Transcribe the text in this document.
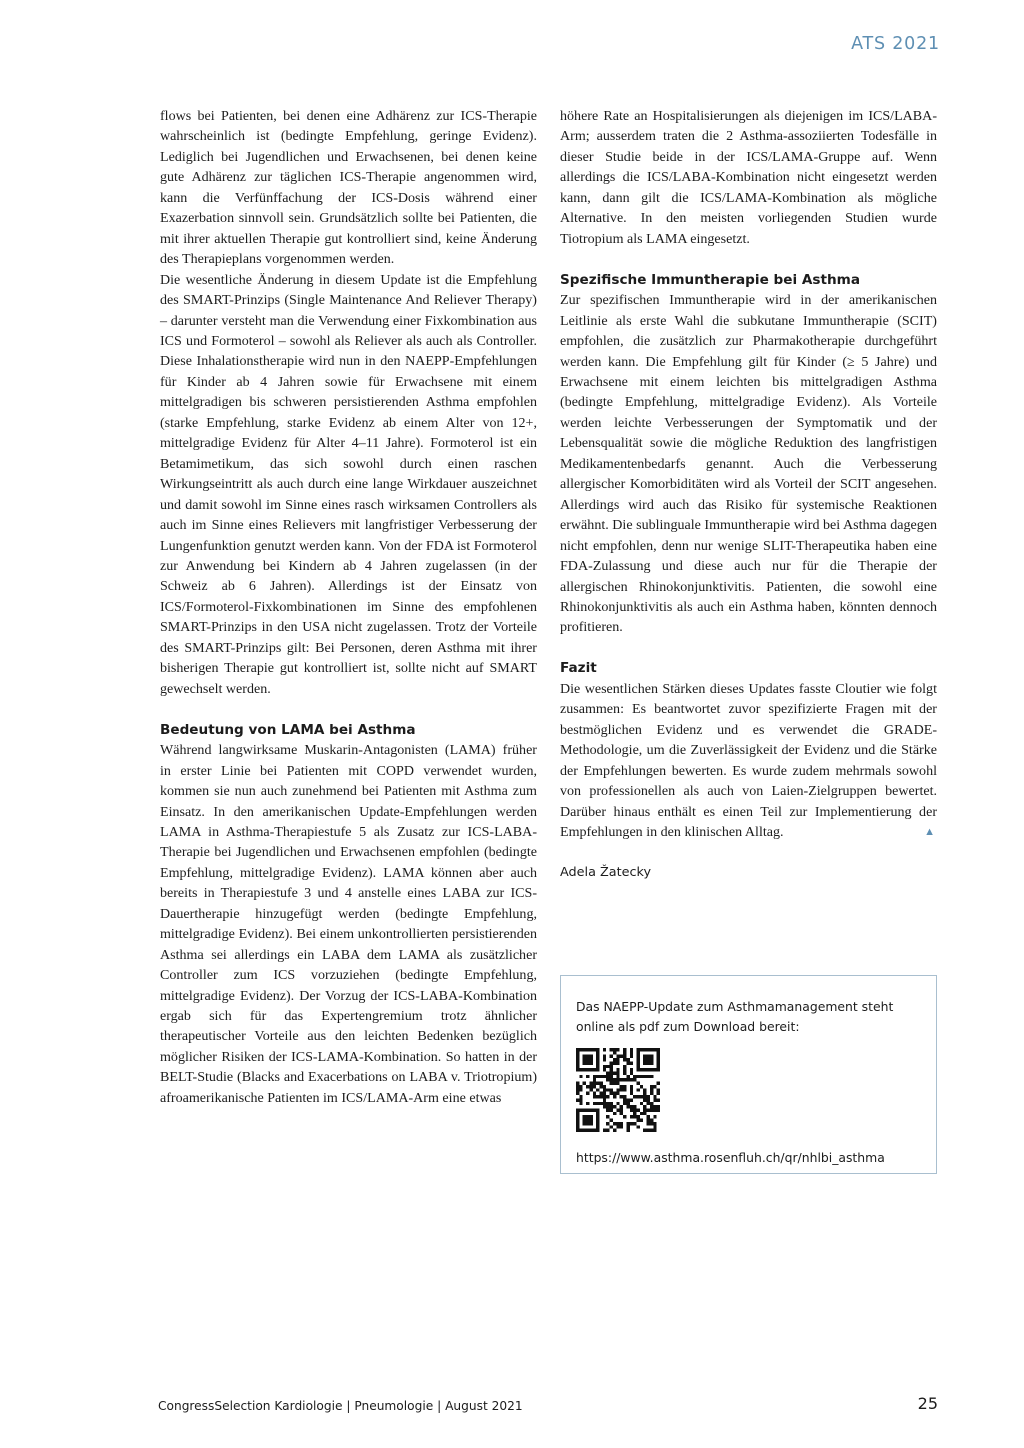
ATS 2021

flows bei Patienten, bei denen eine Adhärenz zur ICS-Therapie wahrscheinlich ist (bedingte Empfehlung, geringe Evidenz). Lediglich bei Jugendlichen und Erwachsenen, bei denen keine gute Adhärenz zur täglichen ICS-Therapie angenommen wird, kann die Verfünffachung der ICS-Dosis während einer Exazerbation sinnvoll sein. Grundsätzlich sollte bei Patienten, die mit ihrer aktuellen Therapie gut kontrolliert sind, keine Änderung des Therapieplans vorgenommen werden.

Die wesentliche Änderung in diesem Update ist die Empfehlung des SMART-Prinzips (Single Maintenance And Reliever Therapy) – darunter versteht man die Verwendung einer Fixkombination aus ICS und Formoterol – sowohl als Reliever als auch als Controller. Diese Inhalationstherapie wird nun in den NAEPP-Empfehlungen für Kinder ab 4 Jahren sowie für Erwachsene mit einem mittelgradigen bis schweren persistierenden Asthma empfohlen (starke Empfehlung, starke Evidenz ab einem Alter von 12+, mittelgradige Evidenz für Alter 4–11 Jahre). Formoterol ist ein Betamimetikum, das sich sowohl durch einen raschen Wirkungseintritt als auch durch eine lange Wirkdauer auszeichnet und damit sowohl im Sinne eines rasch wirksamen Controllers als auch im Sinne eines Relievers mit langfristiger Verbesserung der Lungenfunktion genutzt werden kann. Von der FDA ist Formoterol zur Anwendung bei Kindern ab 4 Jahren zugelassen (in der Schweiz ab 6 Jahren). Allerdings ist der Einsatz von ICS/Formoterol-Fixkombinationen im Sinne des empfohlenen SMART-Prinzips in den USA nicht zugelassen. Trotz der Vorteile des SMART-Prinzips gilt: Bei Personen, deren Asthma mit ihrer bisherigen Therapie gut kontrolliert ist, sollte nicht auf SMART gewechselt werden.

Bedeutung von LAMA bei Asthma

Während langwirksame Muskarin-Antagonisten (LAMA) früher in erster Linie bei Patienten mit COPD verwendet wurden, kommen sie nun auch zunehmend bei Patienten mit Asthma zum Einsatz. In den amerikanischen Update-Empfehlungen werden LAMA in Asthma-Therapiestufe 5 als Zusatz zur ICS-LABA-Therapie bei Jugendlichen und Erwachsenen empfohlen (bedingte Empfehlung, mittelgradige Evidenz). LAMA können aber auch bereits in Therapiestufe 3 und 4 anstelle eines LABA zur ICS-Dauertherapie hinzugefügt werden (bedingte Empfehlung, mittelgradige Evidenz). Bei einem unkontrollierten persistierenden Asthma sei allerdings ein LABA dem LAMA als zusätzlicher Controller zum ICS vorzuziehen (bedingte Empfehlung, mittelgradige Evidenz). Der Vorzug der ICS-LABA-Kombination ergab sich für das Expertengremium trotz ähnlicher therapeutischer Vorteile aus den leichten Bedenken bezüglich möglicher Risiken der ICS-LAMA-Kombination. So hatten in der BELT-Studie (Blacks and Exacerbations on LABA v. Triotropium) afroamerikanische Patienten im ICS/LAMA-Arm eine etwas

höhere Rate an Hospitalisierungen als diejenigen im ICS/LABA-Arm; ausserdem traten die 2 Asthma-assoziierten Todesfälle in dieser Studie beide in der ICS/LAMA-Gruppe auf. Wenn allerdings die ICS/LABA-Kombination nicht eingesetzt werden kann, dann gilt die ICS/LAMA-Kombination als mögliche Alternative. In den meisten vorliegenden Studien wurde Tiotropium als LAMA eingesetzt.

Spezifische Immuntherapie bei Asthma

Zur spezifischen Immuntherapie wird in der amerikanischen Leitlinie als erste Wahl die subkutane Immuntherapie (SCIT) empfohlen, die zusätzlich zur Pharmakotherapie durchgeführt werden kann. Die Empfehlung gilt für Kinder (≥ 5 Jahre) und Erwachsene mit einem leichten bis mittelgradigen Asthma (bedingte Empfehlung, mittelgradige Evidenz). Als Vorteile werden leichte Verbesserungen der Symptomatik und der Lebensqualität sowie die mögliche Reduktion des langfristigen Medikamentenbedarfs genannt. Auch die Verbesserung allergischer Komorbiditäten wird als Vorteil der SCIT angesehen. Allerdings wird auch das Risiko für systemische Reaktionen erwähnt. Die sublinguale Immuntherapie wird bei Asthma dagegen nicht empfohlen, denn nur wenige SLIT-Therapeutika haben eine FDA-Zulassung und diese auch nur für die Therapie der allergischen Rhinokonjunktivitis. Patienten, die sowohl eine Rhinokonjunktivitis als auch ein Asthma haben, könnten dennoch profitieren.

Fazit

Die wesentlichen Stärken dieses Updates fasste Cloutier wie folgt zusammen: Es beantwortet zuvor spezifizierte Fragen mit der bestmöglichen Evidenz und es verwendet die GRADE-Methodologie, um die Zuverlässigkeit der Evidenz und die Stärke der Empfehlungen bewerten. Es wurde zudem mehrmals sowohl von professionellen als auch von Laien-Zielgruppen bewertet. Darüber hinaus enthält es einen Teil zur Implementierung der Empfehlungen in den klinischen Alltag.	▲

Adela Žatecky

Das NAEPP-Update zum Asthmamanagement steht online als pdf zum Download bereit:

https://www.asthma.rosenfluh.ch/qr/nhlbi_asthma

CongressSelection Kardiologie | Pneumologie | August 2021	25
